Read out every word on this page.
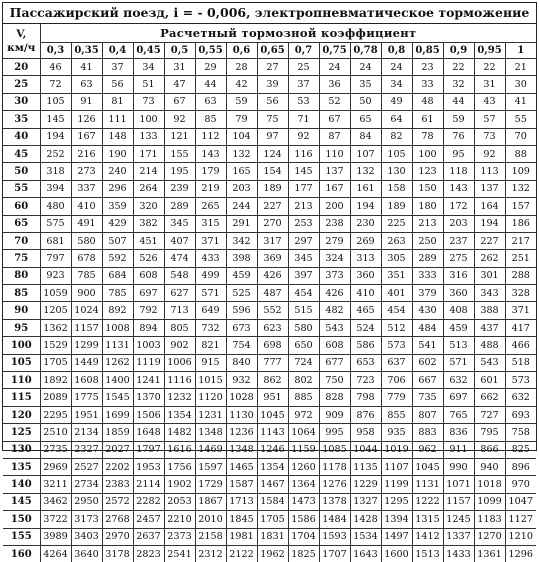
Пассажирский поезд, i = - 0,006, электропневматическое торможение
V,
км/ч	Расчетный тормозной коэффициент															
	0,3	0,35	0,4	0,45	0,5	0,55	0,6	0,65	0,7	0,75	0,78	0,8	0,85	0,9	0,95	1
20	46	41	37	34	31	29	28	27	25	24	24	24	23	22	22	21
25	72	63	56	51	47	44	42	39	37	36	35	34	33	32	31	30
30	105	91	81	73	67	63	59	56	53	52	50	49	48	44	43	41
35	145	126	111	100	92	85	79	75	71	67	65	64	61	59	57	55
40	194	167	148	133	121	112	104	97	92	87	84	82	78	76	73	70
45	252	216	190	171	155	143	132	124	116	110	107	105	100	95	92	88
50	318	273	240	214	195	179	165	154	145	137	132	130	123	118	113	109
55	394	337	296	264	239	219	203	189	177	167	161	158	150	143	137	132
60	480	410	359	320	289	265	244	227	213	200	194	189	180	172	164	157
65	575	491	429	382	345	315	291	270	253	238	230	225	213	203	194	186
70	681	580	507	451	407	371	342	317	297	279	269	263	250	237	227	217
75	797	678	592	526	474	433	398	369	345	324	313	305	289	275	262	251
80	923	785	684	608	548	499	459	426	397	373	360	351	333	316	301	288
85	1059	900	785	697	627	571	525	487	454	426	410	401	379	360	343	328
90	1205	1024	892	792	713	649	596	552	515	482	465	454	430	408	388	371
95	1362	1157	1008	894	805	732	673	623	580	543	524	512	484	459	437	417
100	1529	1299	1131	1003	902	821	754	698	650	608	586	573	541	513	488	466
105	1705	1449	1262	1119	1006	915	840	777	724	677	653	637	602	571	543	518
110	1892	1608	1400	1241	1116	1015	932	862	802	750	723	706	667	632	601	573
115	2089	1775	1545	1370	1232	1120	1028	951	885	828	798	779	735	697	662	632
120	2295	1951	1699	1506	1354	1231	1130	1045	972	909	876	855	807	765	727	693
125	2510	2134	1859	1648	1482	1348	1236	1143	1064	995	958	935	883	836	795	758
130	2735	2327	2027	1797	1616	1469	1348	1246	1159	1085	1044	1019	962	911	866	825
135	2969	2527	2202	1953	1756	1597	1465	1354	1260	1178	1135	1107	1045	990	940	896
140	3211	2734	2383	2114	1902	1729	1587	1467	1364	1276	1229	1199	1131	1071	1018	970
145	3462	2950	2572	2282	2053	1867	1713	1584	1473	1378	1327	1295	1222	1157	1099	1047
150	3722	3173	2768	2457	2210	2010	1845	1705	1586	1484	1428	1394	1315	1245	1183	1127
155	3989	3403	2970	2637	2373	2158	1981	1831	1704	1593	1534	1497	1412	1337	1270	1210
160	4264	3640	3178	2823	2541	2312	2122	1962	1825	1707	1643	1600	1513	1433	1361	1296
